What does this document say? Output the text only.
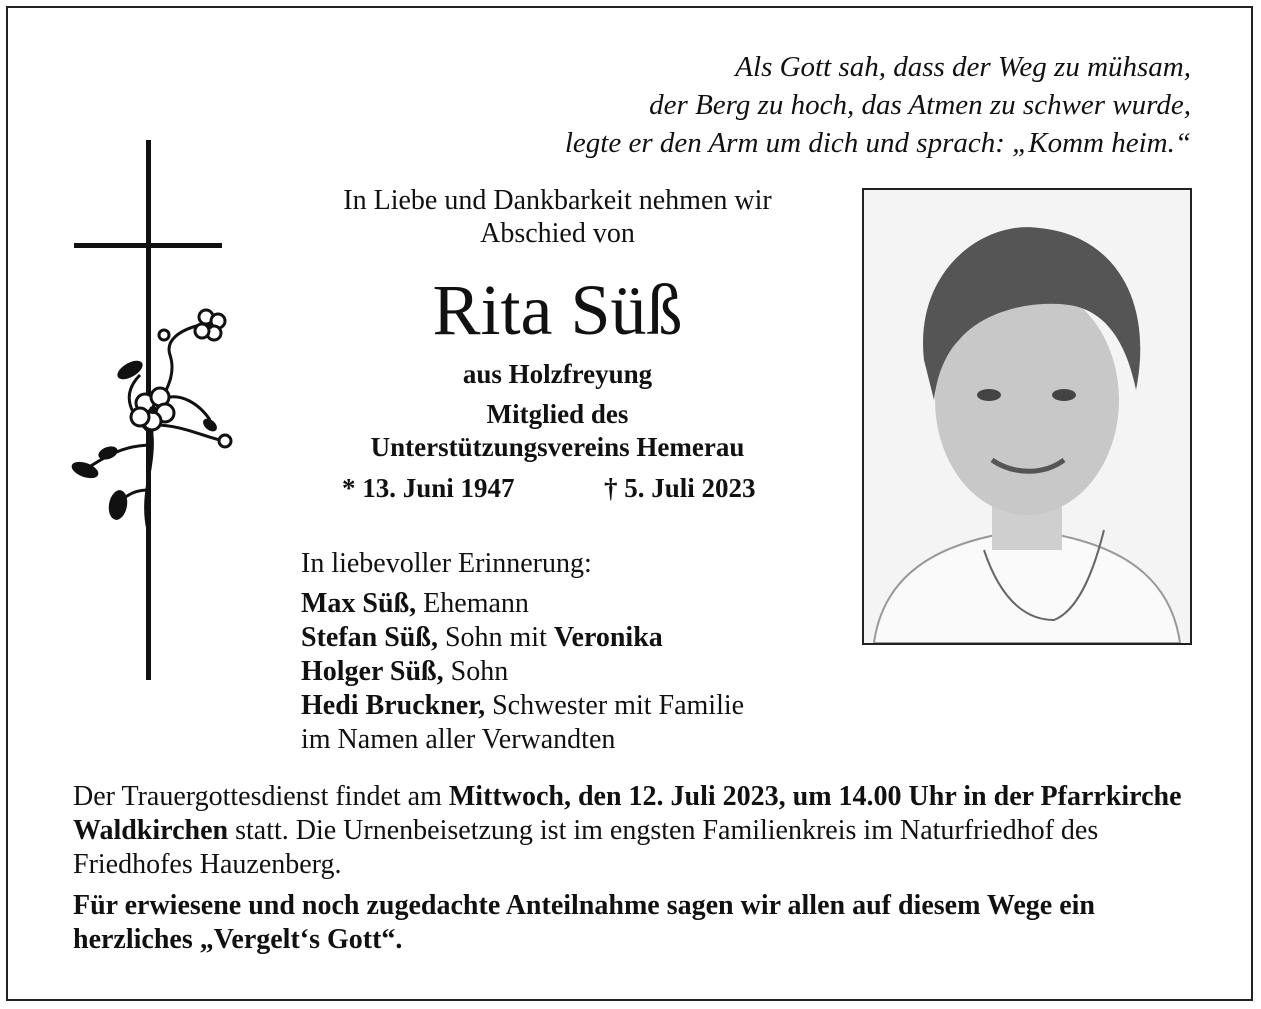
Als Gott sah, dass der Weg zu mühsam,
der Berg zu hoch, das Atmen zu schwer wurde,
legte er den Arm um dich und sprach: „Komm heim.“
In Liebe und Dankbarkeit nehmen wir
Abschied von
Rita Süß
aus Holzfreyung
Mitglied des
Unterstützungsvereins Hemerau
* 13. Juni 1947	† 5. Juli 2023
In liebevoller Erinnerung:
Max Süß, Ehemann
Stefan Süß, Sohn mit Veronika
Holger Süß, Sohn
Hedi Bruckner, Schwester mit Familie
im Namen aller Verwandten
Der Trauergottesdienst findet am Mittwoch, den 12. Juli 2023, um 14.00 Uhr in der Pfarrkirche Waldkirchen statt. Die Urnenbeisetzung ist im engsten Familienkreis im Naturfriedhof des Friedhofes Hauzenberg.
Für erwiesene und noch zugedachte Anteilnahme sagen wir allen auf diesem Wege ein herzliches „Vergelt‘s Gott“.
